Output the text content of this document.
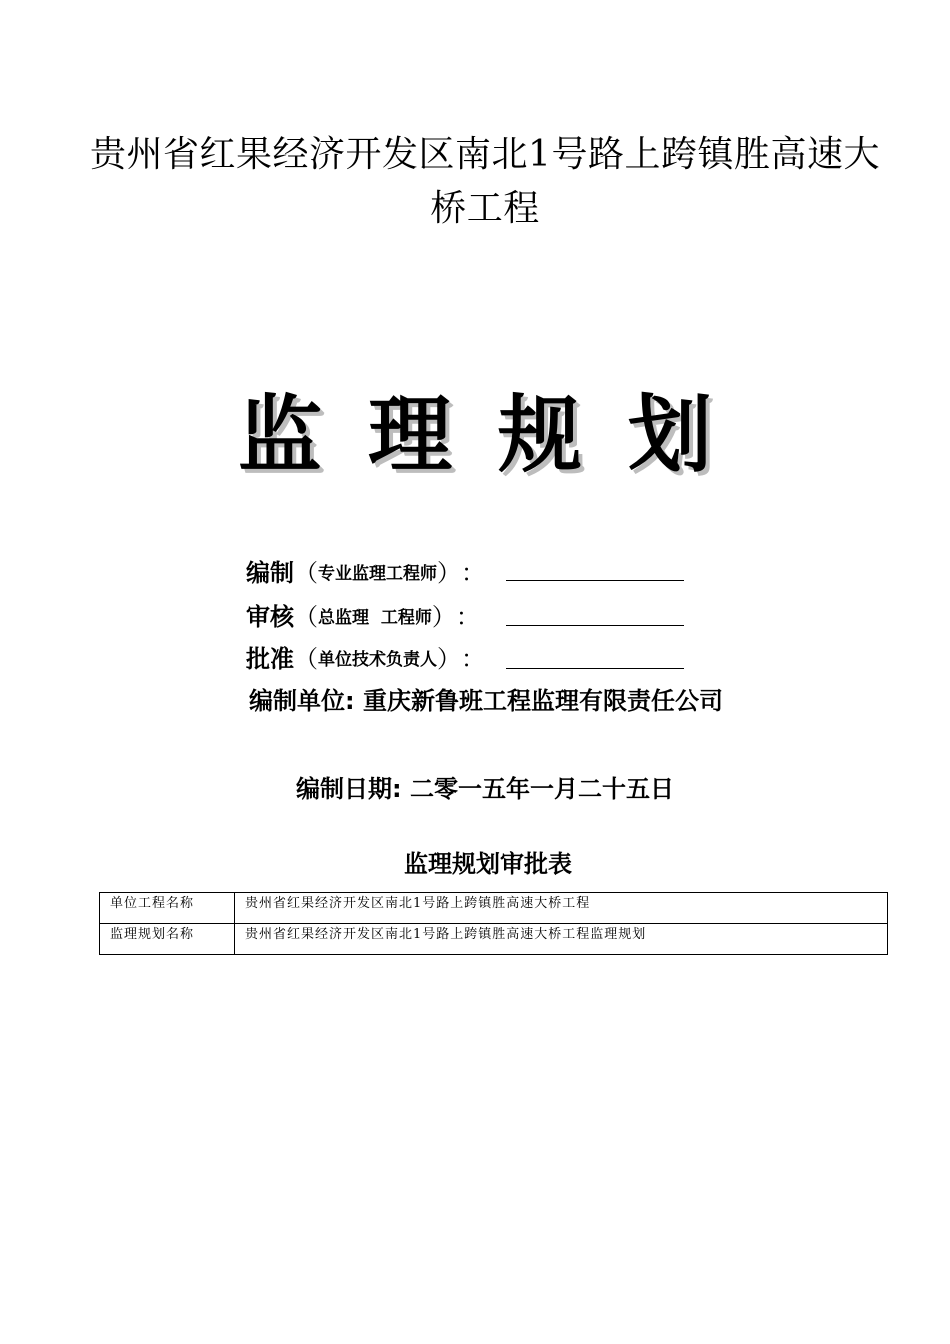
贵州省红果经济开发区南北1号路上跨镇胜高速大桥工程
监理规划
编制 （ 专业监理工程师 ） ：
审核 （ 总监理  工程师 ） ：
批准 （ 单位技术负责人 ） ：
编制单位: 重庆新鲁班工程监理有限责任公司
编制日期: 二零一五年一月二十五日
监理规划审批表
单位工程名称	贵州省红果经济开发区南北1号路上跨镇胜高速大桥工程
监理规划名称	贵州省红果经济开发区南北1号路上跨镇胜高速大桥工程监理规划
